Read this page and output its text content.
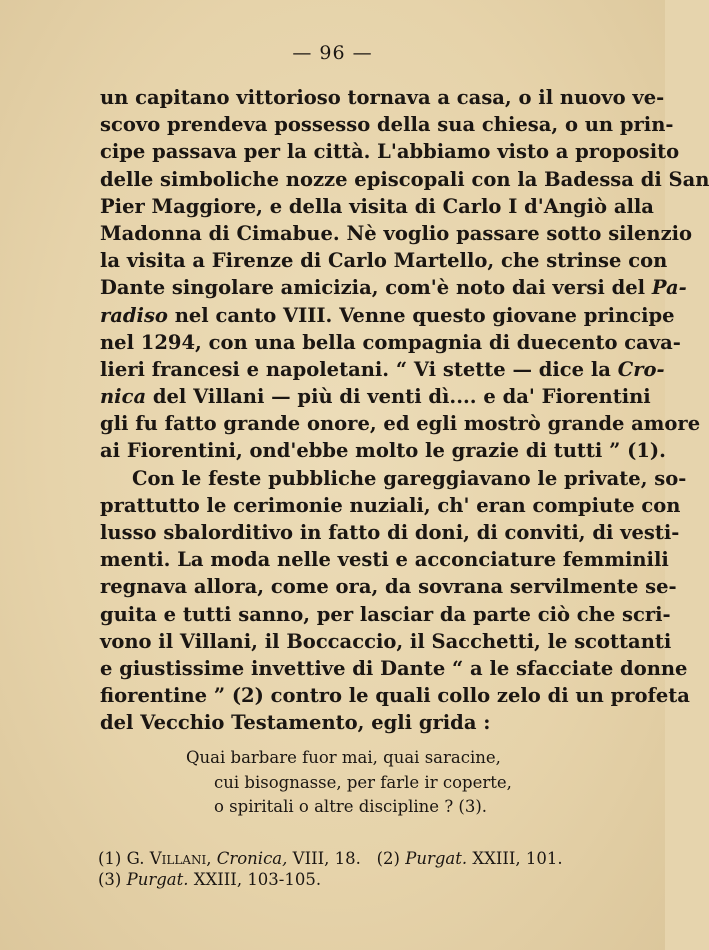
— 96 —
un capitano vittorioso tornava a casa, o il nuovo ve-
scovo prendeva possesso della sua chiesa, o un prin-
cipe passava per la città. L'abbiamo visto a proposito
delle simboliche nozze episcopali con la Badessa di San
Pier Maggiore, e della visita di Carlo I d'Angiò alla
Madonna di Cimabue. Nè voglio passare sotto silenzio
la visita a Firenze di Carlo Martello, che strinse con
Dante singolare amicizia, com'è noto dai versi del Pa-
radiso nel canto VIII. Venne questo giovane principe
nel 1294, con una bella compagnia di duecento cava-
lieri francesi e napoletani. “ Vi stette — dice la Cro-
nica del Villani — più di venti dì.... e da' Fiorentini
gli fu fatto grande onore, ed egli mostrò grande amore
ai Fiorentini, ond'ebbe molto le grazie di tutti ” (1).
Con le feste pubbliche gareggiavano le private, so-
prattutto le cerimonie nuziali, ch' eran compiute con
lusso sbalorditivo in fatto di doni, di conviti, di vesti-
menti. La moda nelle vesti e acconciature femminili
regnava allora, come ora, da sovrana servilmente se-
guita e tutti sanno, per lasciar da parte ciò che scri-
vono il Villani, il Boccaccio, il Sacchetti, le scottanti
e giustissime invettive di Dante “ a le sfacciate donne
fiorentine ” (2) contro le quali collo zelo di un profeta
del Vecchio Testamento, egli grida :
Quai barbare fuor mai, quai saracine,
cui bisognasse, per farle ir coperte,
o spiritali o altre discipline ? (3).
(1) G. Villani, Cronica, VIII, 18. (2) Purgat. XXIII, 101.
(3) Purgat. XXIII, 103-105.
